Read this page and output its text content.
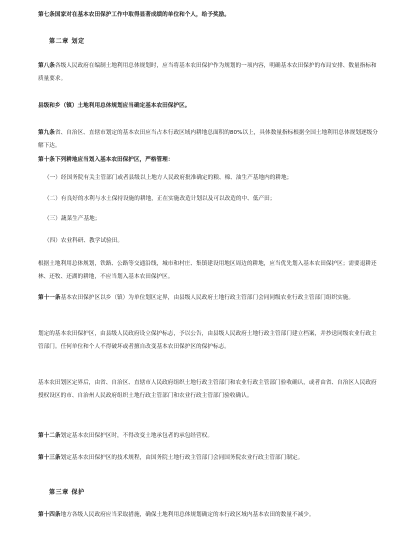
第七条国家对在基本农田保护工作中取得显著成绩的单位和个人，给予奖励。

第二章 划定

第八条各级人民政府在编制土地利用总体规划时，应当将基本农田保护作为规划的一项内容，明确基本农田保护的布局安排、数量指标和质量要求。

县级和乡（镇）土地利用总体规划应当确定基本农田保护区。

第九条省、自治区、直辖市划定的基本农田应当占本行政区域内耕地总面积的80%以上，具体数量指标根据全国土地利用总体规划逐级分解下达。

第十条下列耕地应当划入基本农田保护区，严格管理：

（一）经国务院有关主管部门或者县级以上地方人民政府批准确定的粮、棉、油生产基地内的耕地；

（二）有良好的水利与水土保持设施的耕地，正在实施改造计划以及可以改造的中、低产田；

（三）蔬菜生产基地；

（四）农业科研、教学试验田。

根据土地利用总体规划，铁路、公路等交通沿线，城市和村庄、集镇建设用地区周边的耕地，应当优先划入基本农田保护区；需要退耕还林、还牧、还湖的耕地，不应当划入基本农田保护区。

第十一条基本农田保护区以乡（镇）为单位划区定界，由县级人民政府土地行政主管部门会同同级农业行政主管部门组织实施。

划定的基本农田保护区，由县级人民政府设立保护标志，予以公告，由县级人民政府土地行政主管部门建立档案，并抄送同级农业行政主管部门。任何单位和个人不得破坏或者擅自改变基本农田保护区的保护标志。

基本农田划区定界后，由省、自治区、直辖市人民政府组织土地行政主管部门和农业行政主管部门验收确认，或者由省、自治区人民政府授权设区的市、自治州人民政府组织土地行政主管部门和农业行政主管部门验收确认。

第十二条划定基本农田保护区时，不得改变土地承包者的承包经营权。

第十三条划定基本农田保护区的技术规程，由国务院土地行政主管部门会同国务院农业行政主管部门制定。

第三章 保护

第十四条地方各级人民政府应当采取措施，确保土地利用总体规划确定的本行政区域内基本农田的数量不减少。
